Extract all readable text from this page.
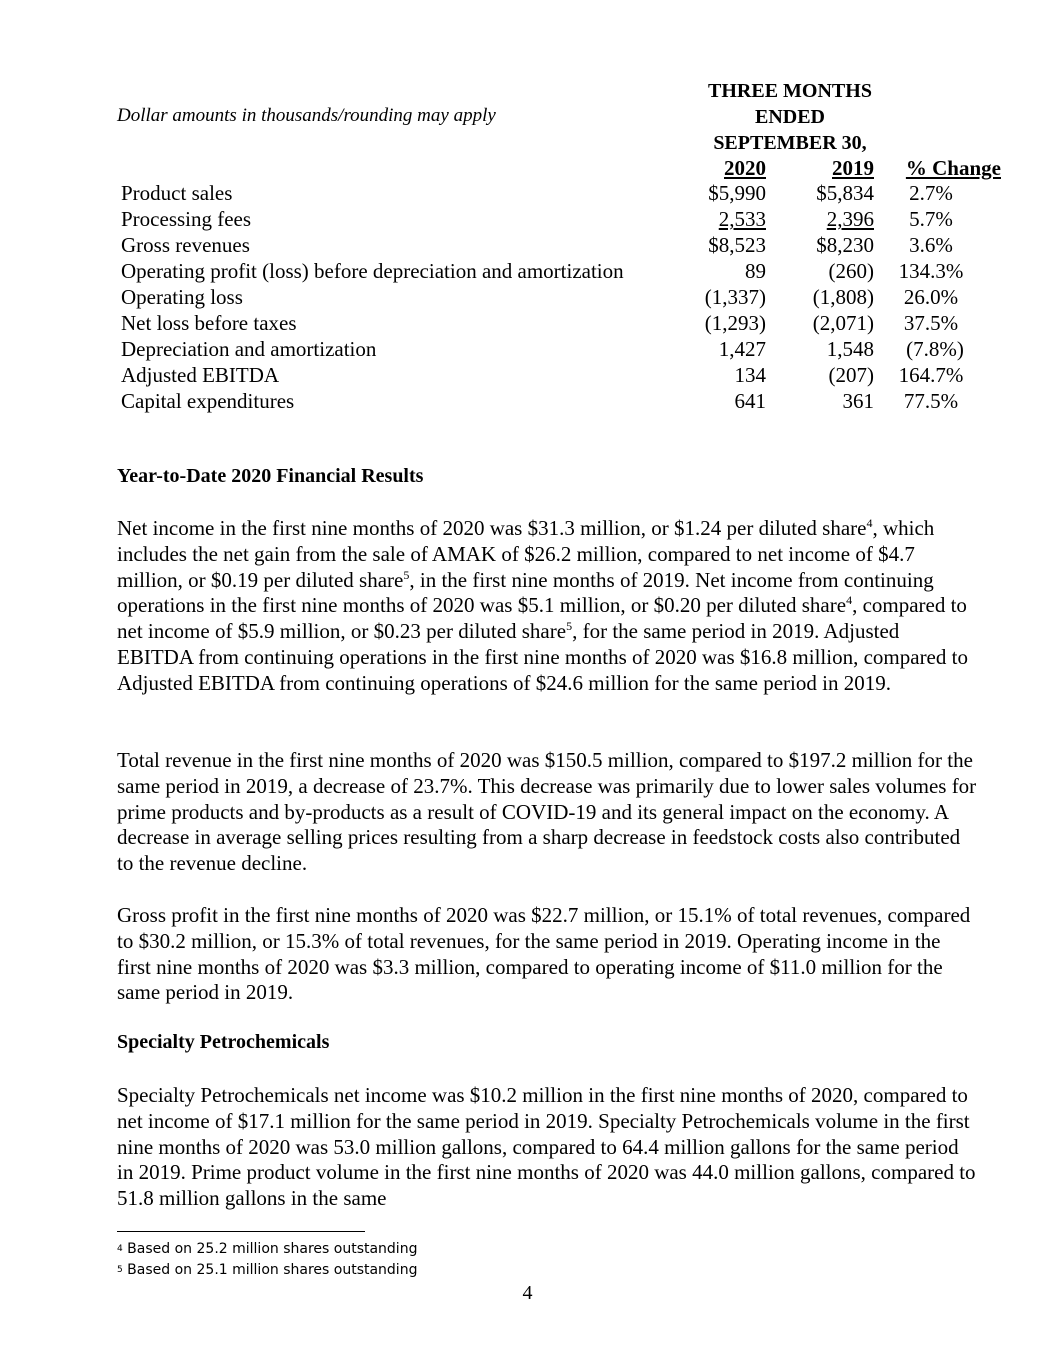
Dollar amounts in thousands/rounding may apply
THREE MONTHS
ENDED
SEPTEMBER 30,
2020	2019	% Change
Product sales	$5,990	$5,834	2.7%
Processing fees	2,533	2,396	5.7%
Gross revenues	$8,523	$8,230	3.6%
Operating profit (loss) before depreciation and amortization	89	(260)	134.3%
Operating loss	(1,337)	(1,808)	26.0%
Net loss before taxes	(1,293)	(2,071)	37.5%
Depreciation and amortization	1,427	1,548	(7.8%)
Adjusted EBITDA	134	(207)	164.7%
Capital expenditures	641	361	77.5%
Year-to-Date 2020 Financial Results
Net income in the first nine months of 2020 was $31.3 million, or $1.24 per diluted share$^4$, which includes the net gain from the sale of AMAK of $26.2 million, compared to net income of $4.7 million, or $0.19 per diluted share$^5$, in the first nine months of 2019. Net income from continuing operations in the first nine months of 2020 was $5.1 million, or $0.20 per diluted share$^4$, compared to net income of $5.9 million, or $0.23 per diluted share$^5$, for the same period in 2019. Adjusted EBITDA from continuing operations in the first nine months of 2020 was $16.8 million, compared to Adjusted EBITDA from continuing operations of $24.6 million for the same period in 2019.
Total revenue in the first nine months of 2020 was $150.5 million, compared to $197.2 million for the same period in 2019, a decrease of 23.7%. This decrease was primarily due to lower sales volumes for prime products and by-products as a result of COVID-19 and its general impact on the economy. A decrease in average selling prices resulting from a sharp decrease in feedstock costs also contributed to the revenue decline.
Gross profit in the first nine months of 2020 was $22.7 million, or 15.1% of total revenues, compared to $30.2 million, or 15.3% of total revenues, for the same period in 2019. Operating income in the first nine months of 2020 was $3.3 million, compared to operating income of $11.0 million for the same period in 2019.
Specialty Petrochemicals
Specialty Petrochemicals net income was $10.2 million in the first nine months of 2020, compared to net income of $17.1 million for the same period in 2019. Specialty Petrochemicals volume in the first nine months of 2020 was 53.0 million gallons, compared to 64.4 million gallons for the same period in 2019. Prime product volume in the first nine months of 2020 was 44.0 million gallons, compared to 51.8 million gallons in the same
$^4$ Based on 25.2 million shares outstanding
$^5$ Based on 25.1 million shares outstanding
4
